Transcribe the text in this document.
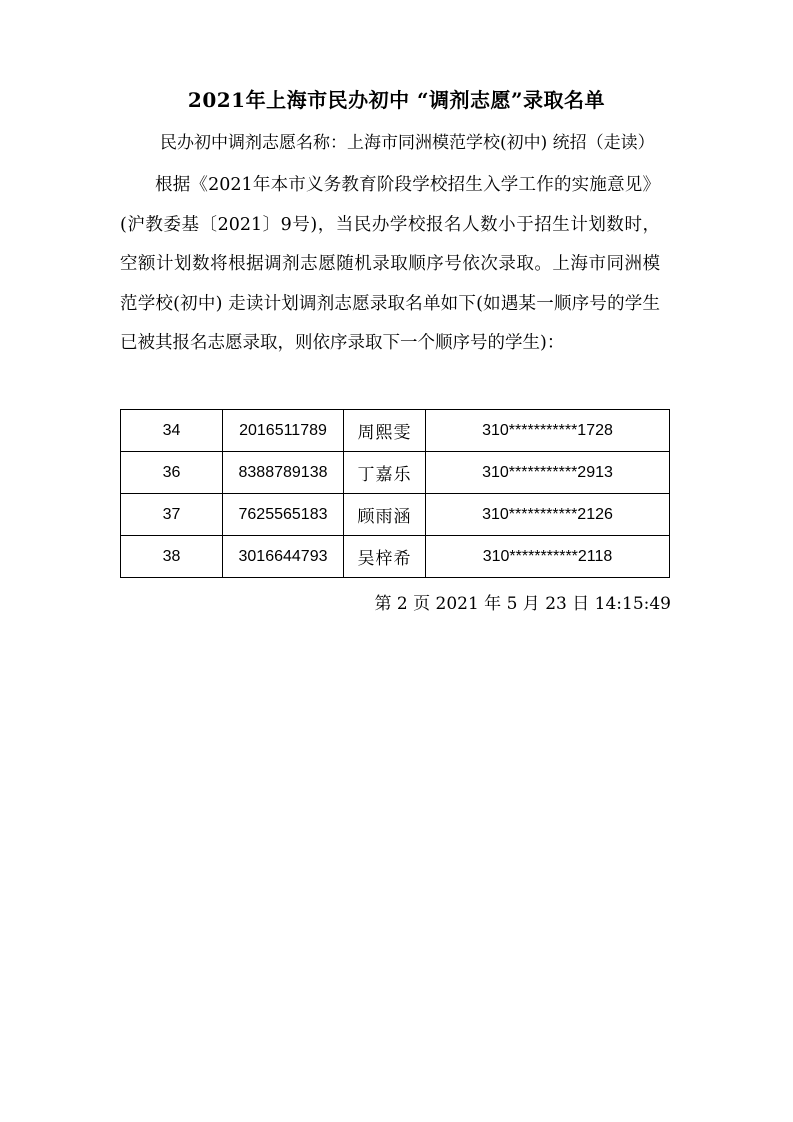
2021年上海市民办初中 “调剂志愿”录取名单

民办初中调剂志愿名称：上海市同洲模范学校(初中) 统招（走读）

根据《2021年本市义务教育阶段学校招生入学工作的实施意见》(沪教委基〔2021〕9号)，当民办学校报名人数小于招生计划数时，空额计划数将根据调剂志愿随机录取顺序号依次录取。上海市同洲模范学校(初中) 走读计划调剂志愿录取名单如下(如遇某一顺序号的学生已被其报名志愿录取，则依序录取下一个顺序号的学生)：

34	2016511789	周熙雯	310***********1728
36	8388789138	丁嘉乐	310***********2913
37	7625565183	顾雨涵	310***********2126
38	3016644793	吴梓希	310***********2118

第 2 页 2021 年 5 月 23 日 14:15:49
